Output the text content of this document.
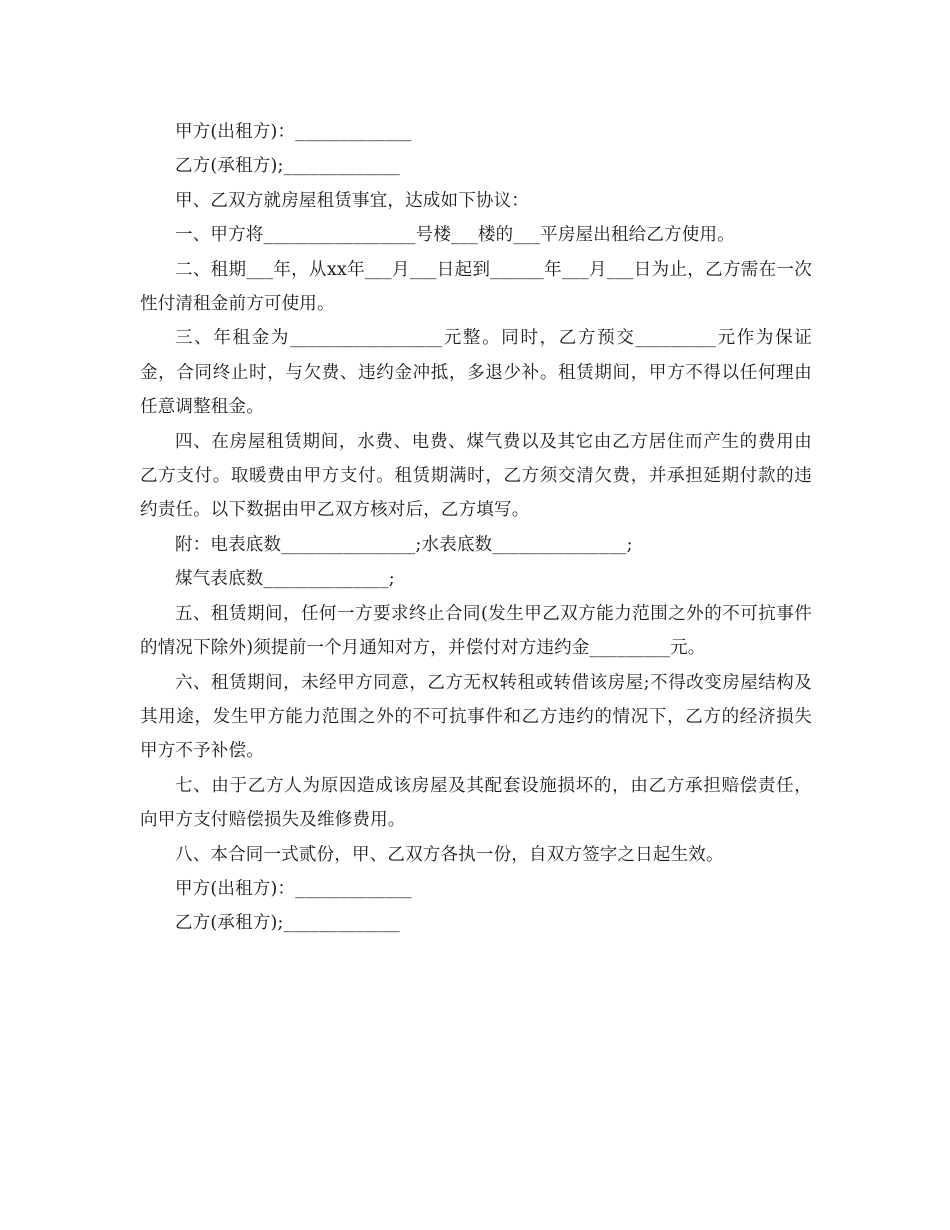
甲方(出租方)：_____________

乙方(承租方);_____________

甲、乙双方就房屋租赁事宜，达成如下协议：

一、甲方将_________________号楼___楼的___平房屋出租给乙方使用。

二、租期___年，从xx年___月___日起到______年___月___日为止，乙方需在一次性付清租金前方可使用。

三、年租金为_________________元整。同时，乙方预交_________元作为保证金，合同终止时，与欠费、违约金冲抵，多退少补。租赁期间，甲方不得以任何理由任意调整租金。

四、在房屋租赁期间，水费、电费、煤气费以及其它由乙方居住而产生的费用由乙方支付。取暖费由甲方支付。租赁期满时，乙方须交清欠费，并承担延期付款的违约责任。以下数据由甲乙双方核对后，乙方填写。

附：电表底数_______________;水表底数_______________;

煤气表底数______________;

五、租赁期间，任何一方要求终止合同(发生甲乙双方能力范围之外的不可抗事件的情况下除外)须提前一个月通知对方，并偿付对方违约金_________元。

六、租赁期间，未经甲方同意，乙方无权转租或转借该房屋;不得改变房屋结构及其用途，发生甲方能力范围之外的不可抗事件和乙方违约的情况下，乙方的经济损失甲方不予补偿。

七、由于乙方人为原因造成该房屋及其配套设施损坏的，由乙方承担赔偿责任，向甲方支付赔偿损失及维修费用。

八、本合同一式贰份，甲、乙双方各执一份，自双方签字之日起生效。

甲方(出租方)：_____________

乙方(承租方);_____________
